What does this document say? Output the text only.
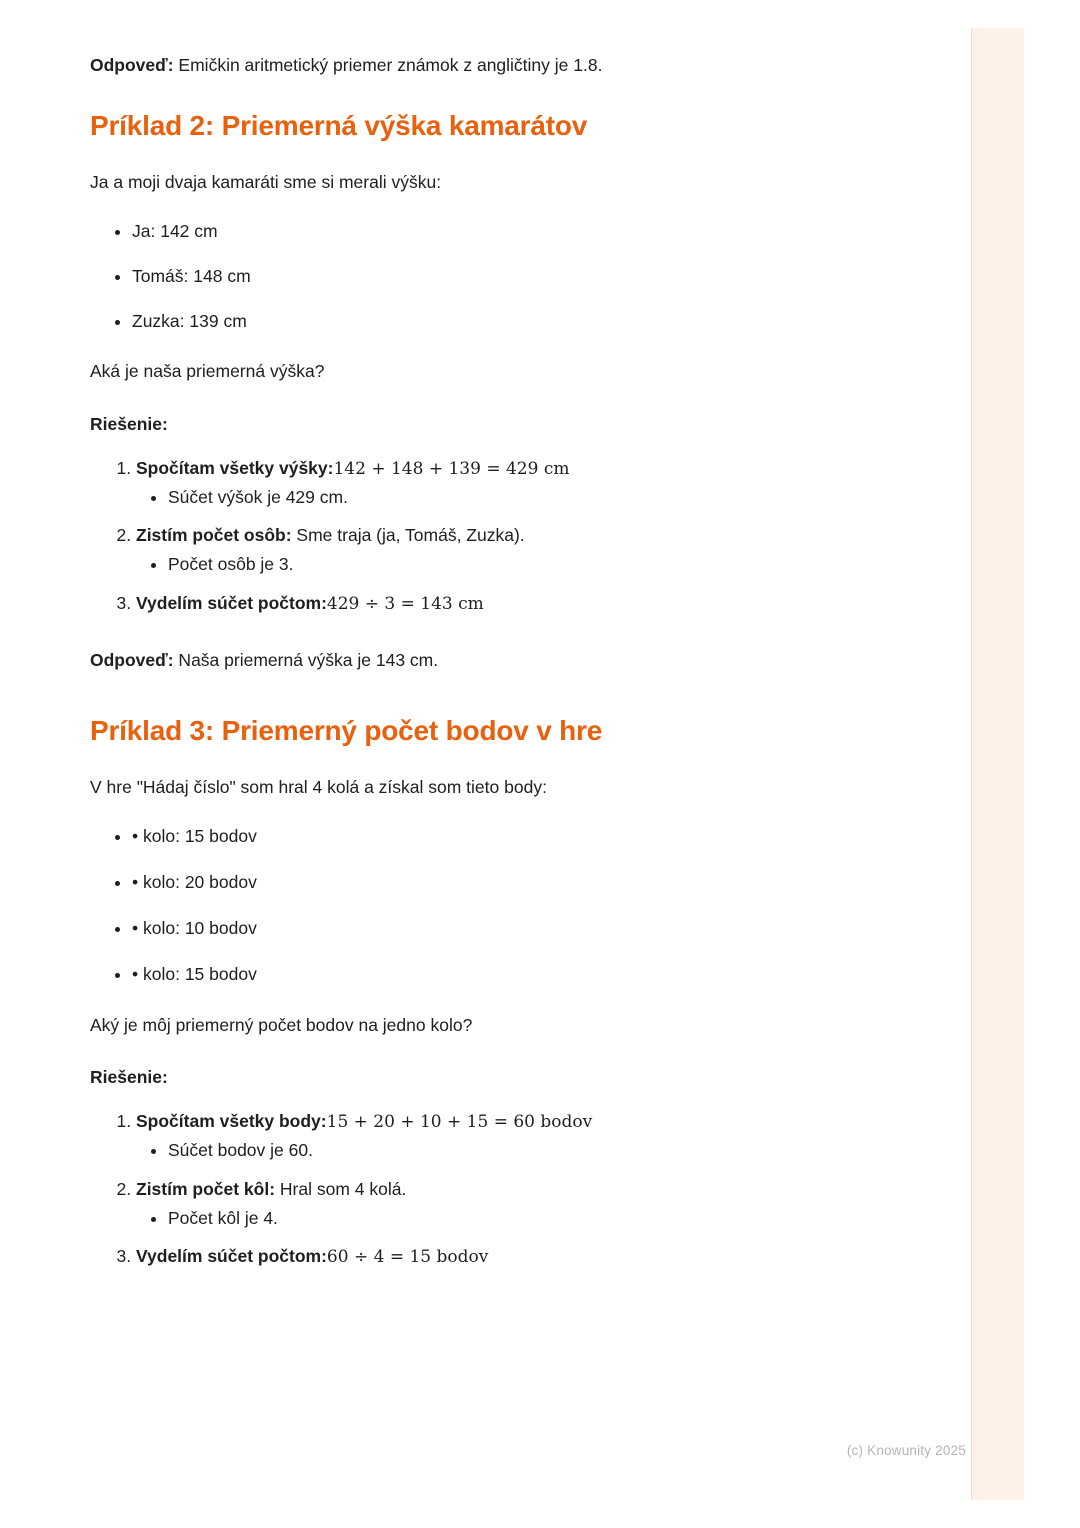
Odpoveď: Emičkin aritmetický priemer známok z angličtiny je 1.8.

Príklad 2: Priemerná výška kamarátov

Ja a moji dvaja kamaráti sme si merali výšku:

• Ja: 142 cm
• Tomáš: 148 cm
• Zuzka: 139 cm

Aká je naša priemerná výška?

Riešenie:

1. Spočítam všetky výšky:142 + 148 + 139 = 429 cm
• Súčet výšok je 429 cm.
2. Zistím počet osôb: Sme traja (ja, Tomáš, Zuzka).
• Počet osôb je 3.
3. Vydelím súčet počtom:429 ÷ 3 = 143 cm

Odpoveď: Naša priemerná výška je 143 cm.

Príklad 3: Priemerný počet bodov v hre

V hre "Hádaj číslo" som hral 4 kolá a získal som tieto body:

• • kolo: 15 bodov
• • kolo: 20 bodov
• • kolo: 10 bodov
• • kolo: 15 bodov

Aký je môj priemerný počet bodov na jedno kolo?

Riešenie:

1. Spočítam všetky body:15 + 20 + 10 + 15 = 60 bodov
• Súčet bodov je 60.
2. Zistím počet kôl: Hral som 4 kolá.
• Počet kôl je 4.
3. Vydelím súčet počtom:60 ÷ 4 = 15 bodov
(c) Knowunity 2025
